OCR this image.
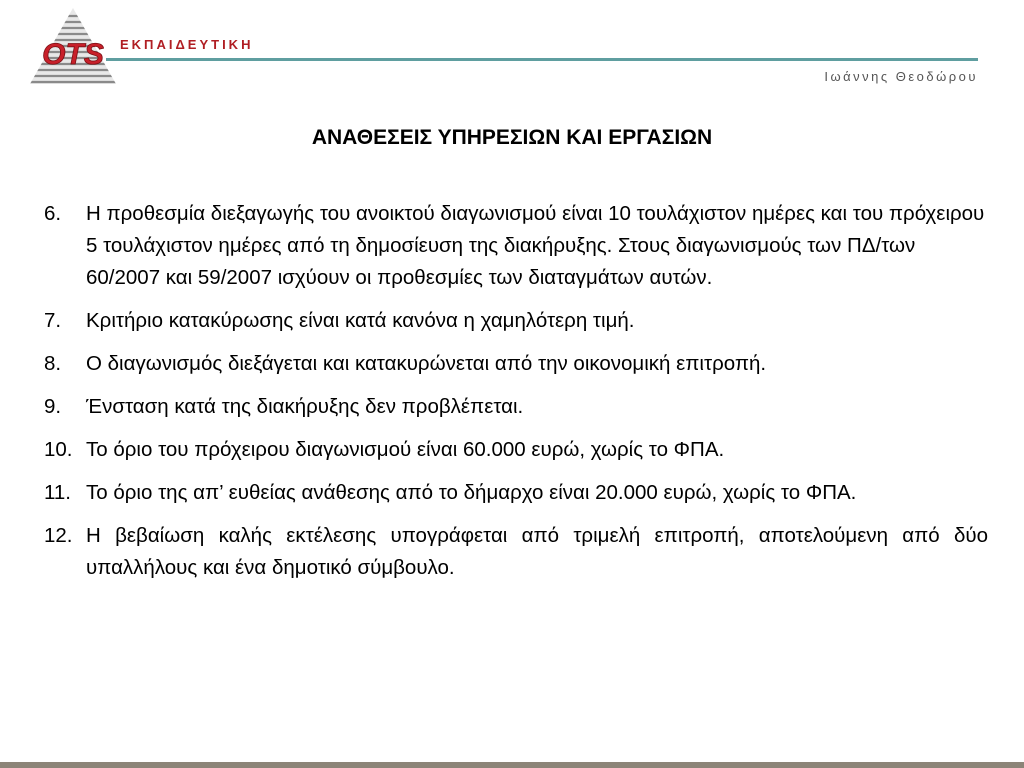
OTS ΕΚΠΑΙΔΕΥΤΙΚΗ
Ιωάννης Θεοδώρου
ΑΝΑΘΕΣΕΙΣ ΥΠΗΡΕΣΙΩΝ ΚΑΙ ΕΡΓΑΣΙΩΝ
6.	Η προθεσμία διεξαγωγής του ανοικτού διαγωνισμού είναι 10 τουλάχιστον ημέρες και του πρόχειρου 5 τουλάχιστον ημέρες από τη δημοσίευση της διακήρυξης. Στους διαγωνισμούς των ΠΔ/των 60/2007 και 59/2007 ισχύουν οι προθεσμίες των διαταγμάτων αυτών.
7.	Κριτήριο κατακύρωσης είναι κατά κανόνα η χαμηλότερη τιμή.
8.	Ο διαγωνισμός διεξάγεται και κατακυρώνεται από την οικονομική επιτροπή.
9.	Ένσταση κατά της διακήρυξης δεν προβλέπεται.
10. Το όριο του πρόχειρου διαγωνισμού είναι 60.000 ευρώ, χωρίς το ΦΠΑ.
11. Το όριο της απ’ ευθείας ανάθεσης από το δήμαρχο είναι 20.000 ευρώ, χωρίς το ΦΠΑ.
12. Η βεβαίωση καλής εκτέλεσης υπογράφεται από τριμελή επιτροπή, αποτελούμενη από δύο υπαλλήλους και ένα δημοτικό σύμβουλο.
